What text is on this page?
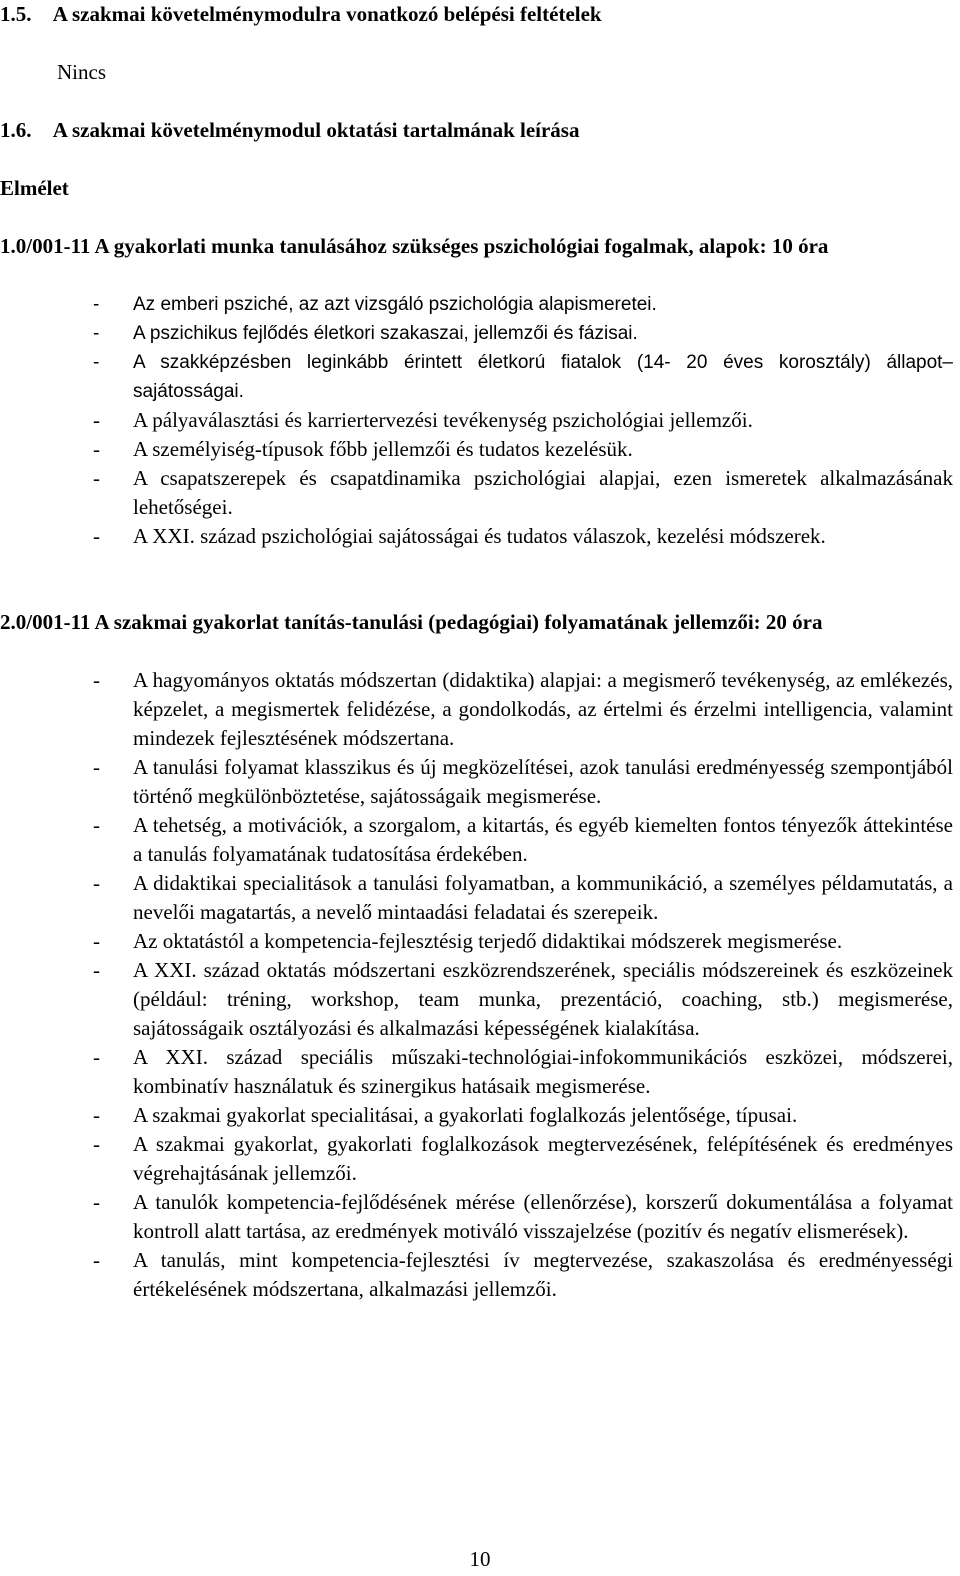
1.5. A szakmai követelménymodulra vonatkozó belépési feltételek
Nincs
1.6. A szakmai követelménymodul oktatási tartalmának leírása
Elmélet
1.0/001-11 A gyakorlati munka tanulásához szükséges pszichológiai fogalmak, alapok: 10 óra
-	Az emberi psziché, az azt vizsgáló pszichológia alapismeretei.
-	A pszichikus fejlődés életkori szakaszai, jellemzői és fázisai.
-	A szakképzésben leginkább érintett életkorú fiatalok (14- 20 éves korosztály) állapot–sajátosságai.
-	A pályaválasztási és karriertervezési tevékenység pszichológiai jellemzői.
-	A személyiség-típusok főbb jellemzői és tudatos kezelésük.
-	A csapatszerepek és csapatdinamika pszichológiai alapjai, ezen ismeretek alkalmazásának lehetőségei.
-	A XXI. század pszichológiai sajátosságai és tudatos válaszok, kezelési módszerek.
2.0/001-11 A szakmai gyakorlat tanítás-tanulási (pedagógiai) folyamatának jellemzői: 20 óra
-	A hagyományos oktatás módszertan (didaktika) alapjai: a megismerő tevékenység, az emlékezés, képzelet, a megismertek felidézése, a gondolkodás, az értelmi és érzelmi intelligencia, valamint mindezek fejlesztésének módszertana.
-	A tanulási folyamat klasszikus és új megközelítései, azok tanulási eredményesség szempontjából történő megkülönböztetése, sajátosságaik megismerése.
-	A tehetség, a motivációk, a szorgalom, a kitartás, és egyéb kiemelten fontos tényezők áttekintése a tanulás folyamatának tudatosítása érdekében.
-	A didaktikai specialitások a tanulási folyamatban, a kommunikáció, a személyes példamutatás, a nevelői magatartás, a nevelő mintaadási feladatai és szerepeik.
-	Az oktatástól a kompetencia-fejlesztésig terjedő didaktikai módszerek megismerése.
-	A XXI. század oktatás módszertani eszközrendszerének, speciális módszereinek és eszközeinek (például: tréning, workshop, team munka, prezentáció, coaching, stb.) megismerése, sajátosságaik osztályozási és alkalmazási képességének kialakítása.
-	A XXI. század speciális műszaki-technológiai-infokommunikációs eszközei, módszerei, kombinatív használatuk és szinergikus hatásaik megismerése.
-	A szakmai gyakorlat specialitásai, a gyakorlati foglalkozás jelentősége, típusai.
-	A szakmai gyakorlat, gyakorlati foglalkozások megtervezésének, felépítésének és eredményes végrehajtásának jellemzői.
-	A tanulók kompetencia-fejlődésének mérése (ellenőrzése), korszerű dokumentálása a folyamat kontroll alatt tartása, az eredmények motiváló visszajelzése (pozitív és negatív elismerések).
-	A tanulás, mint kompetencia-fejlesztési ív megtervezése, szakaszolása és eredményességi értékelésének módszertana, alkalmazási jellemzői.
10
